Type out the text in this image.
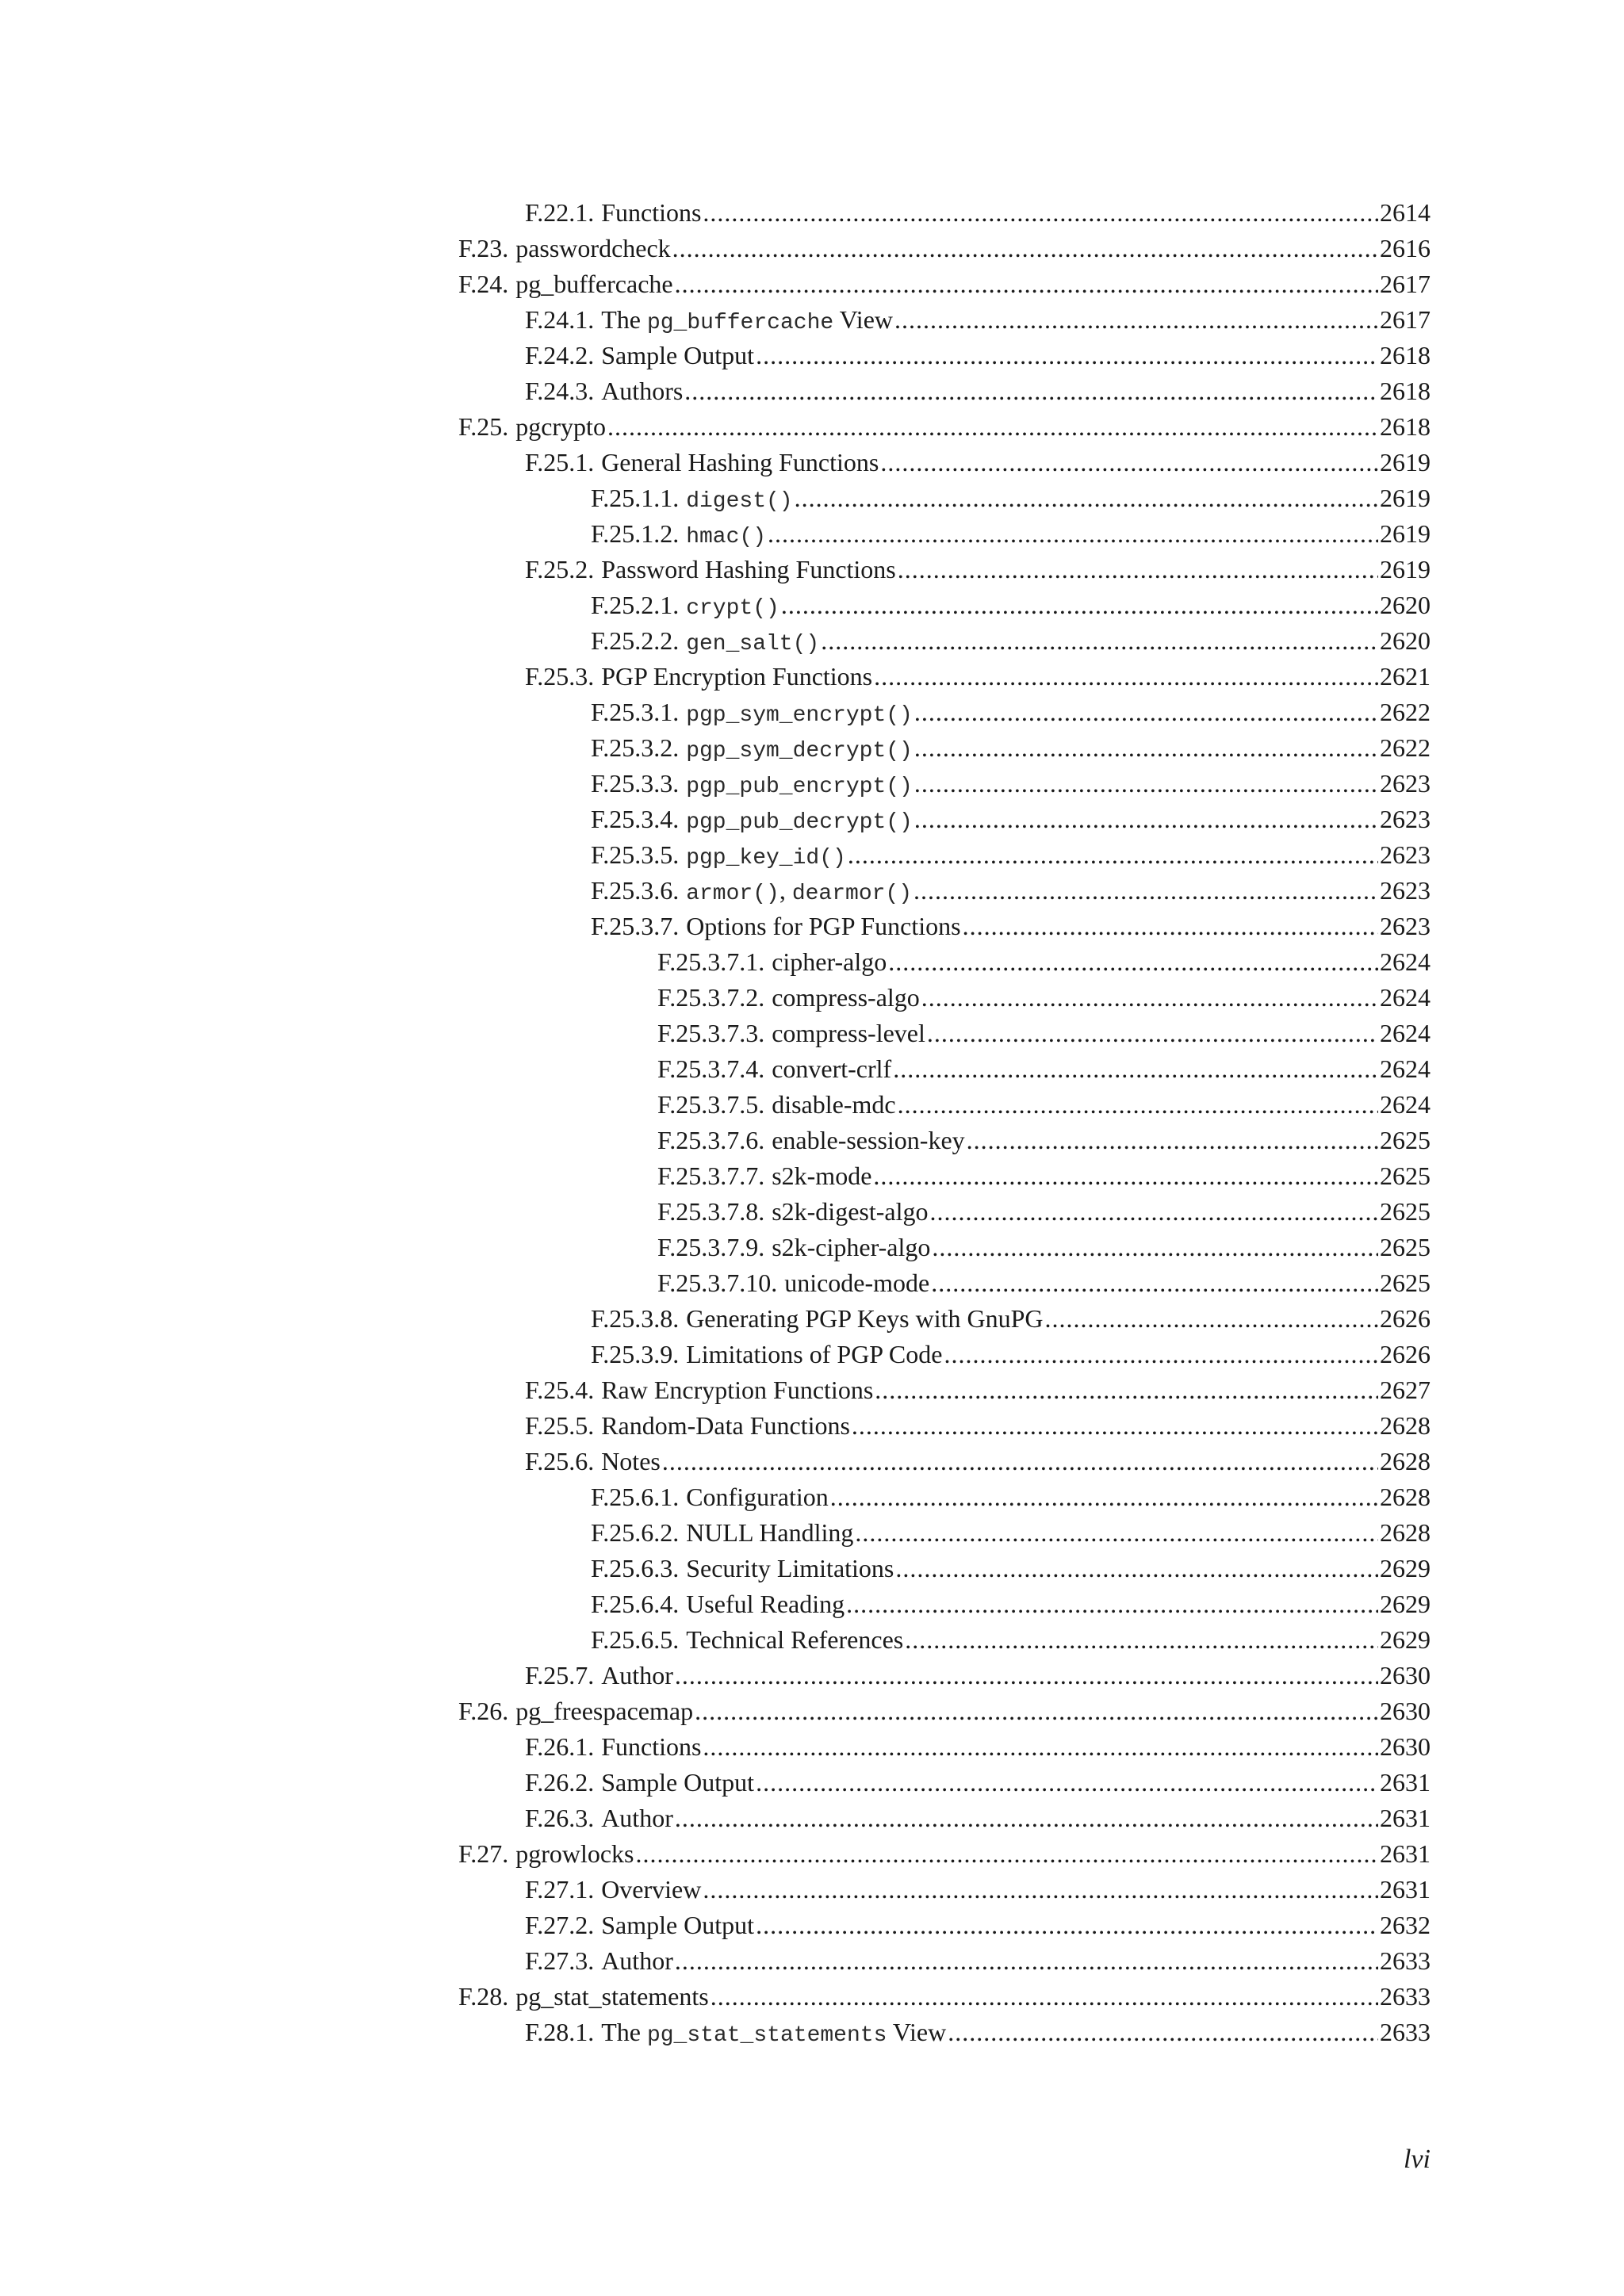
F.22.1. Functions .....	2614
F.23. passwordcheck .....	2616
F.24. pg_buffercache .....	2617
F.24.1. The pg_buffercache View .....	2617
F.24.2. Sample Output .....	2618
F.24.3. Authors .....	2618
F.25. pgcrypto .....	2618
F.25.1. General Hashing Functions .....	2619
F.25.1.1. digest() .....	2619
F.25.1.2. hmac() .....	2619
F.25.2. Password Hashing Functions .....	2619
F.25.2.1. crypt() .....	2620
F.25.2.2. gen_salt() .....	2620
F.25.3. PGP Encryption Functions .....	2621
F.25.3.1. pgp_sym_encrypt() .....	2622
F.25.3.2. pgp_sym_decrypt() .....	2622
F.25.3.3. pgp_pub_encrypt() .....	2623
F.25.3.4. pgp_pub_decrypt() .....	2623
F.25.3.5. pgp_key_id() .....	2623
F.25.3.6. armor(), dearmor() .....	2623
F.25.3.7. Options for PGP Functions .....	2623
F.25.3.7.1. cipher-algo .....	2624
F.25.3.7.2. compress-algo .....	2624
F.25.3.7.3. compress-level .....	2624
F.25.3.7.4. convert-crlf .....	2624
F.25.3.7.5. disable-mdc .....	2624
F.25.3.7.6. enable-session-key .....	2625
F.25.3.7.7. s2k-mode .....	2625
F.25.3.7.8. s2k-digest-algo .....	2625
F.25.3.7.9. s2k-cipher-algo .....	2625
F.25.3.7.10. unicode-mode .....	2625
F.25.3.8. Generating PGP Keys with GnuPG .....	2626
F.25.3.9. Limitations of PGP Code .....	2626
F.25.4. Raw Encryption Functions .....	2627
F.25.5. Random-Data Functions .....	2628
F.25.6. Notes .....	2628
F.25.6.1. Configuration .....	2628
F.25.6.2. NULL Handling .....	2628
F.25.6.3. Security Limitations .....	2629
F.25.6.4. Useful Reading .....	2629
F.25.6.5. Technical References .....	2629
F.25.7. Author .....	2630
F.26. pg_freespacemap .....	2630
F.26.1. Functions .....	2630
F.26.2. Sample Output .....	2631
F.26.3. Author .....	2631
F.27. pgrowlocks .....	2631
F.27.1. Overview .....	2631
F.27.2. Sample Output .....	2632
F.27.3. Author .....	2633
F.28. pg_stat_statements .....	2633
F.28.1. The pg_stat_statements View .....	2633
lvi
